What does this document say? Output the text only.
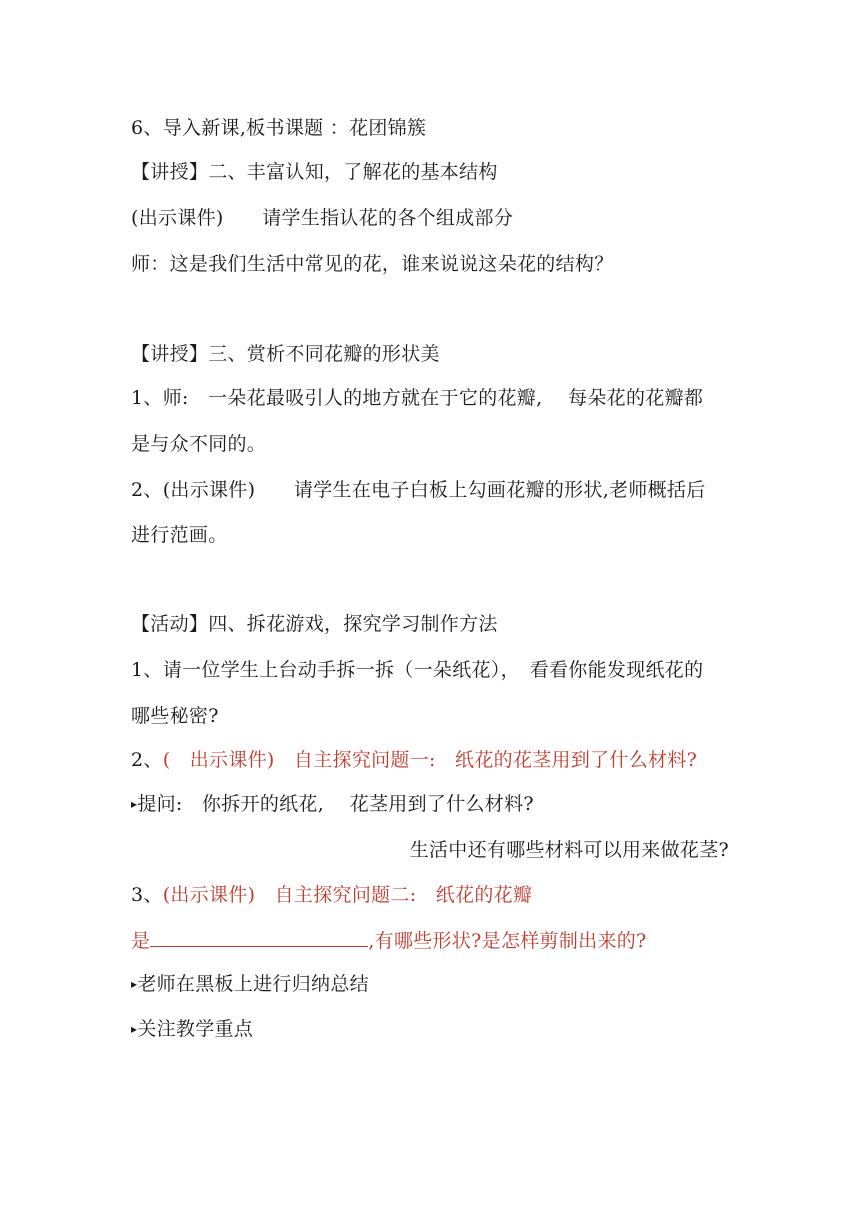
6、导入新课,板书课题 ：花团锦簇
【讲授】二、丰富认知，了解花的基本结构
(出示课件)　　请学生指认花的各个组成部分
师：这是我们生活中常见的花，谁来说说这朵花的结构？
【讲授】三、赏析不同花瓣的形状美
1、师:　一朵花最吸引人的地方就在于它的花瓣,　 每朵花的花瓣都
是与众不同的。
2、(出示课件)　　请学生在电子白板上勾画花瓣的形状,老师概括后
进行范画。
【活动】四、拆花游戏，探究学习制作方法
1、请一位学生上台动手拆一拆（一朵纸花），　看看你能发现纸花的
哪些秘密?
2、(　出示课件)　自主探究问题一:　纸花的花茎用到了什么材料?
▸提问:　你拆开的纸花,　 花茎用到了什么材料?
生活中还有哪些材料可以用来做花茎?
3、(出示课件)　自主探究问题二:　纸花的花瓣
是	,有哪些形状?是怎样剪制出来的?
▸老师在黑板上进行归纳总结
▸关注教学重点
